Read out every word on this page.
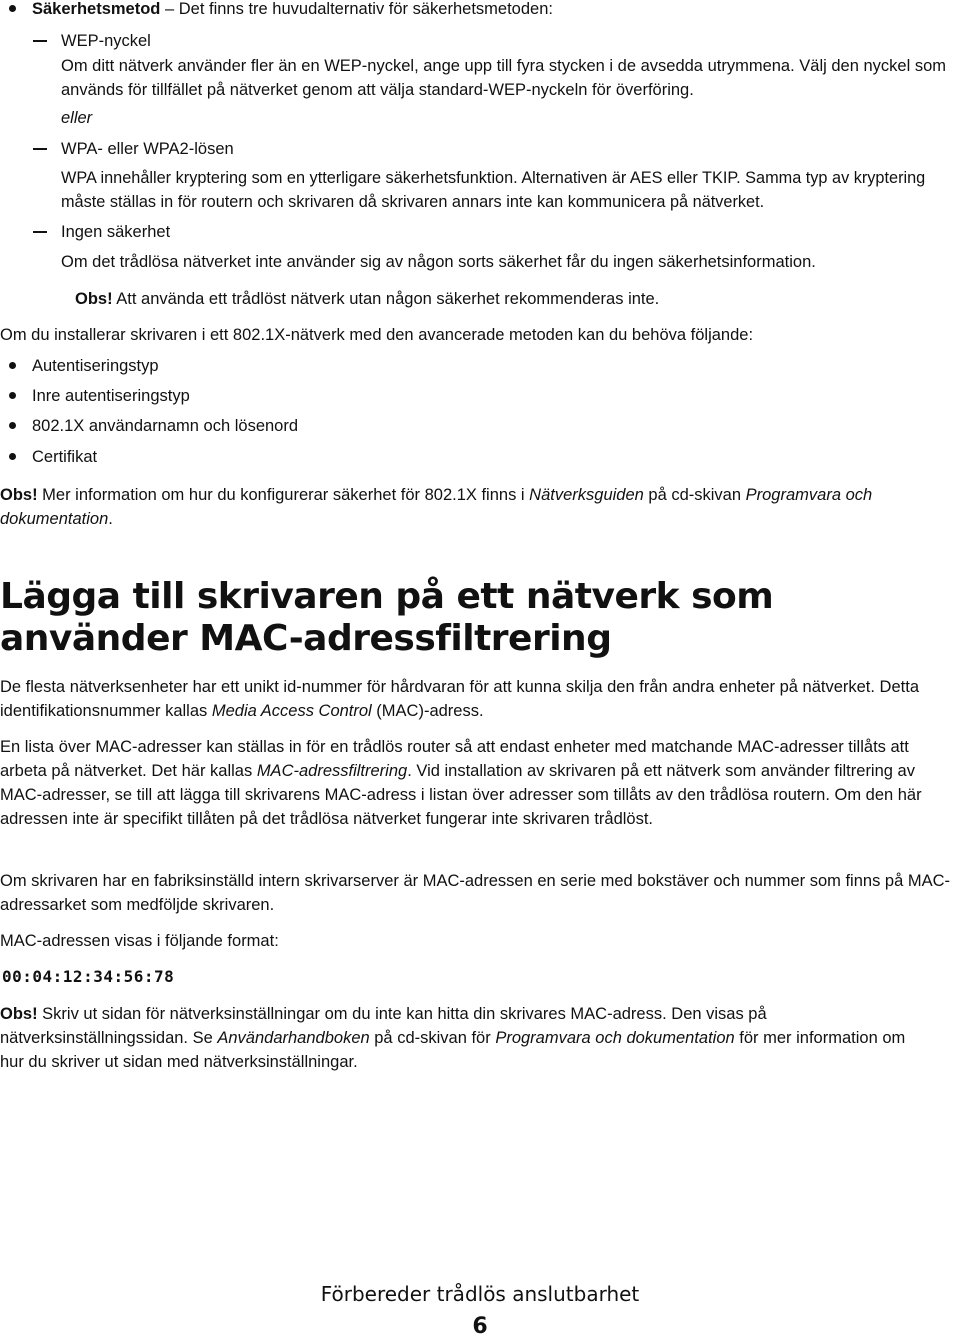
Säkerhetsmetod – Det finns tre huvudalternativ för säkerhetsmetoden:

WEP-nyckel

Om ditt nätverk använder fler än en WEP-nyckel, ange upp till fyra stycken i de avsedda utrymmena. Välj den nyckel som används för tillfället på nätverket genom att välja standard-WEP-nyckeln för överföring.

eller

WPA- eller WPA2-lösen

WPA innehåller kryptering som en ytterligare säkerhetsfunktion. Alternativen är AES eller TKIP. Samma typ av kryptering måste ställas in för routern och skrivaren då skrivaren annars inte kan kommunicera på nätverket.

Ingen säkerhet

Om det trådlösa nätverket inte använder sig av någon sorts säkerhet får du ingen säkerhetsinformation.

Obs! Att använda ett trådlöst nätverk utan någon säkerhet rekommenderas inte.

Om du installerar skrivaren i ett 802.1X-nätverk med den avancerade metoden kan du behöva följande:

Autentiseringstyp

Inre autentiseringstyp

802.1X användarnamn och lösenord

Certifikat

Obs! Mer information om hur du konfigurerar säkerhet för 802.1X finns i Nätverksguiden på cd-skivan Programvara och dokumentation.

Lägga till skrivaren på ett nätverk som använder MAC-adressfiltrering

De flesta nätverksenheter har ett unikt id-nummer för hårdvaran för att kunna skilja den från andra enheter på nätverket. Detta identifikationsnummer kallas Media Access Control (MAC)-adress.

En lista över MAC-adresser kan ställas in för en trådlös router så att endast enheter med matchande MAC-adresser tillåts att arbeta på nätverket. Det här kallas MAC-adressfiltrering. Vid installation av skrivaren på ett nätverk som använder filtrering av MAC-adresser, se till att lägga till skrivarens MAC-adress i listan över adresser som tillåts av den trådlösa routern. Om den här adressen inte är specifikt tillåten på det trådlösa nätverket fungerar inte skrivaren trådlöst.

Om skrivaren har en fabriksinställd intern skrivarserver är MAC-adressen en serie med bokstäver och nummer som finns på MAC-adressarket som medföljde skrivaren.

MAC-adressen visas i följande format:

00:04:12:34:56:78

Obs! Skriv ut sidan för nätverksinställningar om du inte kan hitta din skrivares MAC-adress. Den visas på nätverksinställningssidan. Se Användarhandboken på cd-skivan för Programvara och dokumentation för mer information om hur du skriver ut sidan med nätverksinställningar.

Förbereder trådlös anslutbarhet
6
